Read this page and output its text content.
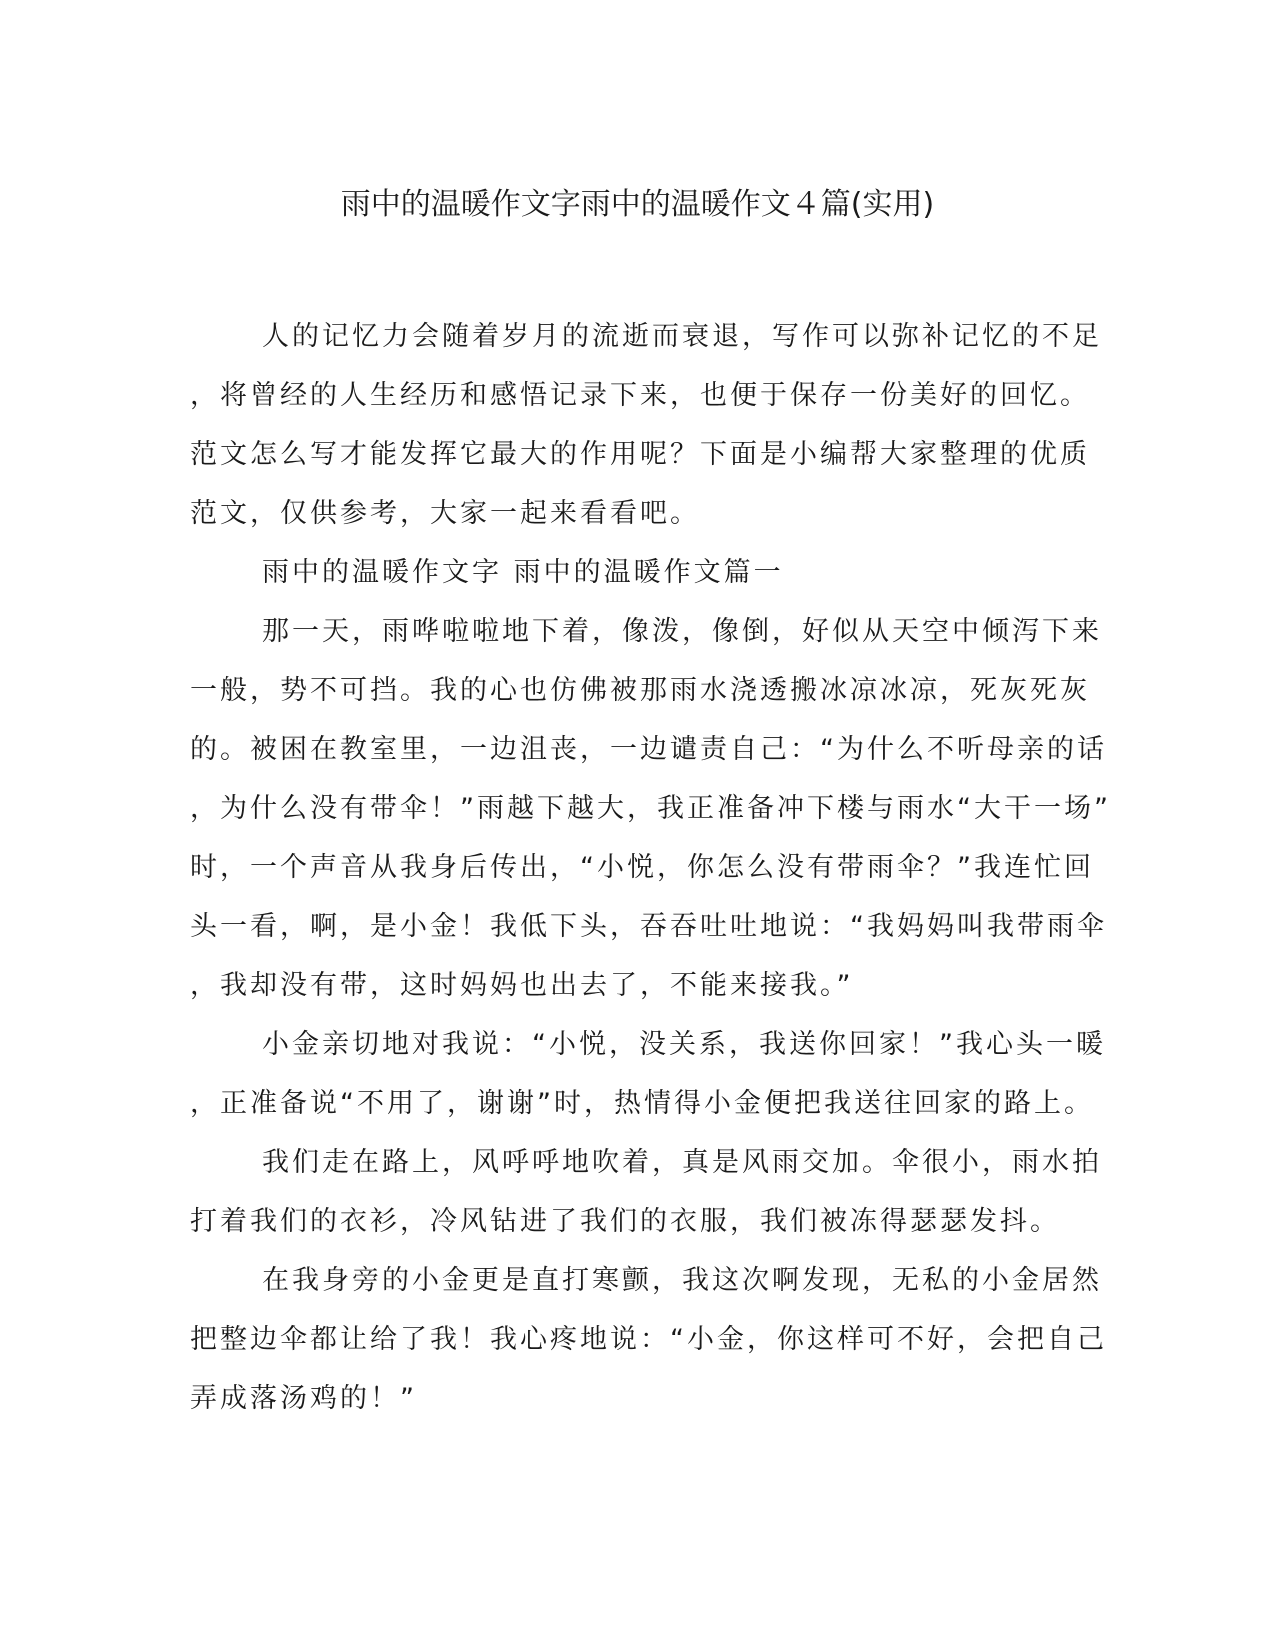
雨中的温暖作文字雨中的温暖作文４篇(实用)
人的记忆力会随着岁月的流逝而衰退，写作可以弥补记忆的不足
，将曾经的人生经历和感悟记录下来，也便于保存一份美好的回忆。
范文怎么写才能发挥它最大的作用呢？下面是小编帮大家整理的优质
范文，仅供参考，大家一起来看看吧。
雨中的温暖作文字 雨中的温暖作文篇一
那一天，雨哗啦啦地下着，像泼，像倒，好似从天空中倾泻下来
一般，势不可挡。我的心也仿佛被那雨水浇透搬冰凉冰凉，死灰死灰
的。被困在教室里，一边沮丧，一边谴责自己：“为什么不听母亲的话
，为什么没有带伞！”雨越下越大，我正准备冲下楼与雨水“大干一场”
时，一个声音从我身后传出，“小悦，你怎么没有带雨伞？”我连忙回
头一看，啊，是小金！我低下头，吞吞吐吐地说：“我妈妈叫我带雨伞
，我却没有带，这时妈妈也出去了，不能来接我。”
小金亲切地对我说：“小悦，没关系，我送你回家！”我心头一暖
，正准备说“不用了，谢谢”时，热情得小金便把我送往回家的路上。
我们走在路上，风呼呼地吹着，真是风雨交加。伞很小，雨水拍
打着我们的衣衫，冷风钻进了我们的衣服，我们被冻得瑟瑟发抖。
在我身旁的小金更是直打寒颤，我这次啊发现，无私的小金居然
把整边伞都让给了我！我心疼地说：“小金，你这样可不好，会把自己
弄成落汤鸡的！”
